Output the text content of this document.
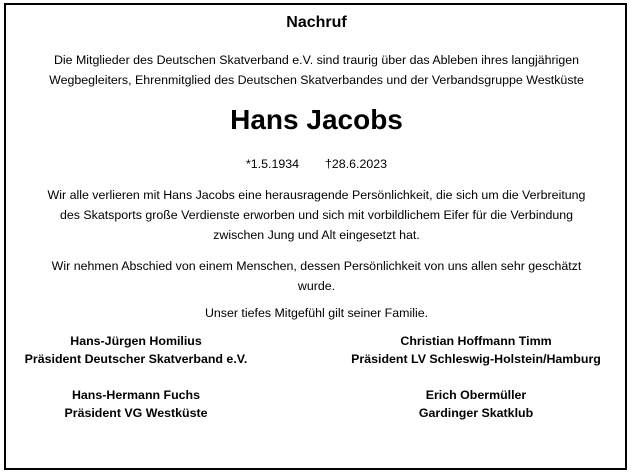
Nachruf
Die Mitglieder des Deutschen Skatverband e.V. sind traurig über das Ableben ihres langjährigen
Wegbegleiters, Ehrenmitglied des Deutschen Skatverbandes und der Verbandsgruppe Westküste
Hans Jacobs
*1.5.1934 †28.6.2023
Wir alle verlieren mit Hans Jacobs eine herausragende Persönlichkeit, die sich um die Verbreitung
des Skatsports große Verdienste erworben und sich mit vorbildlichem Eifer für die Verbindung
zwischen Jung und Alt eingesetzt hat.
Wir nehmen Abschied von einem Menschen, dessen Persönlichkeit von uns allen sehr geschätzt
wurde.
Unser tiefes Mitgefühl gilt seiner Familie.
Hans-Jürgen Homilius
Präsident Deutscher Skatverband e.V.
Christian Hoffmann Timm
Präsident LV Schleswig-Holstein/Hamburg
Hans-Hermann Fuchs
Präsident VG Westküste
Erich Obermüller
Gardinger Skatklub
